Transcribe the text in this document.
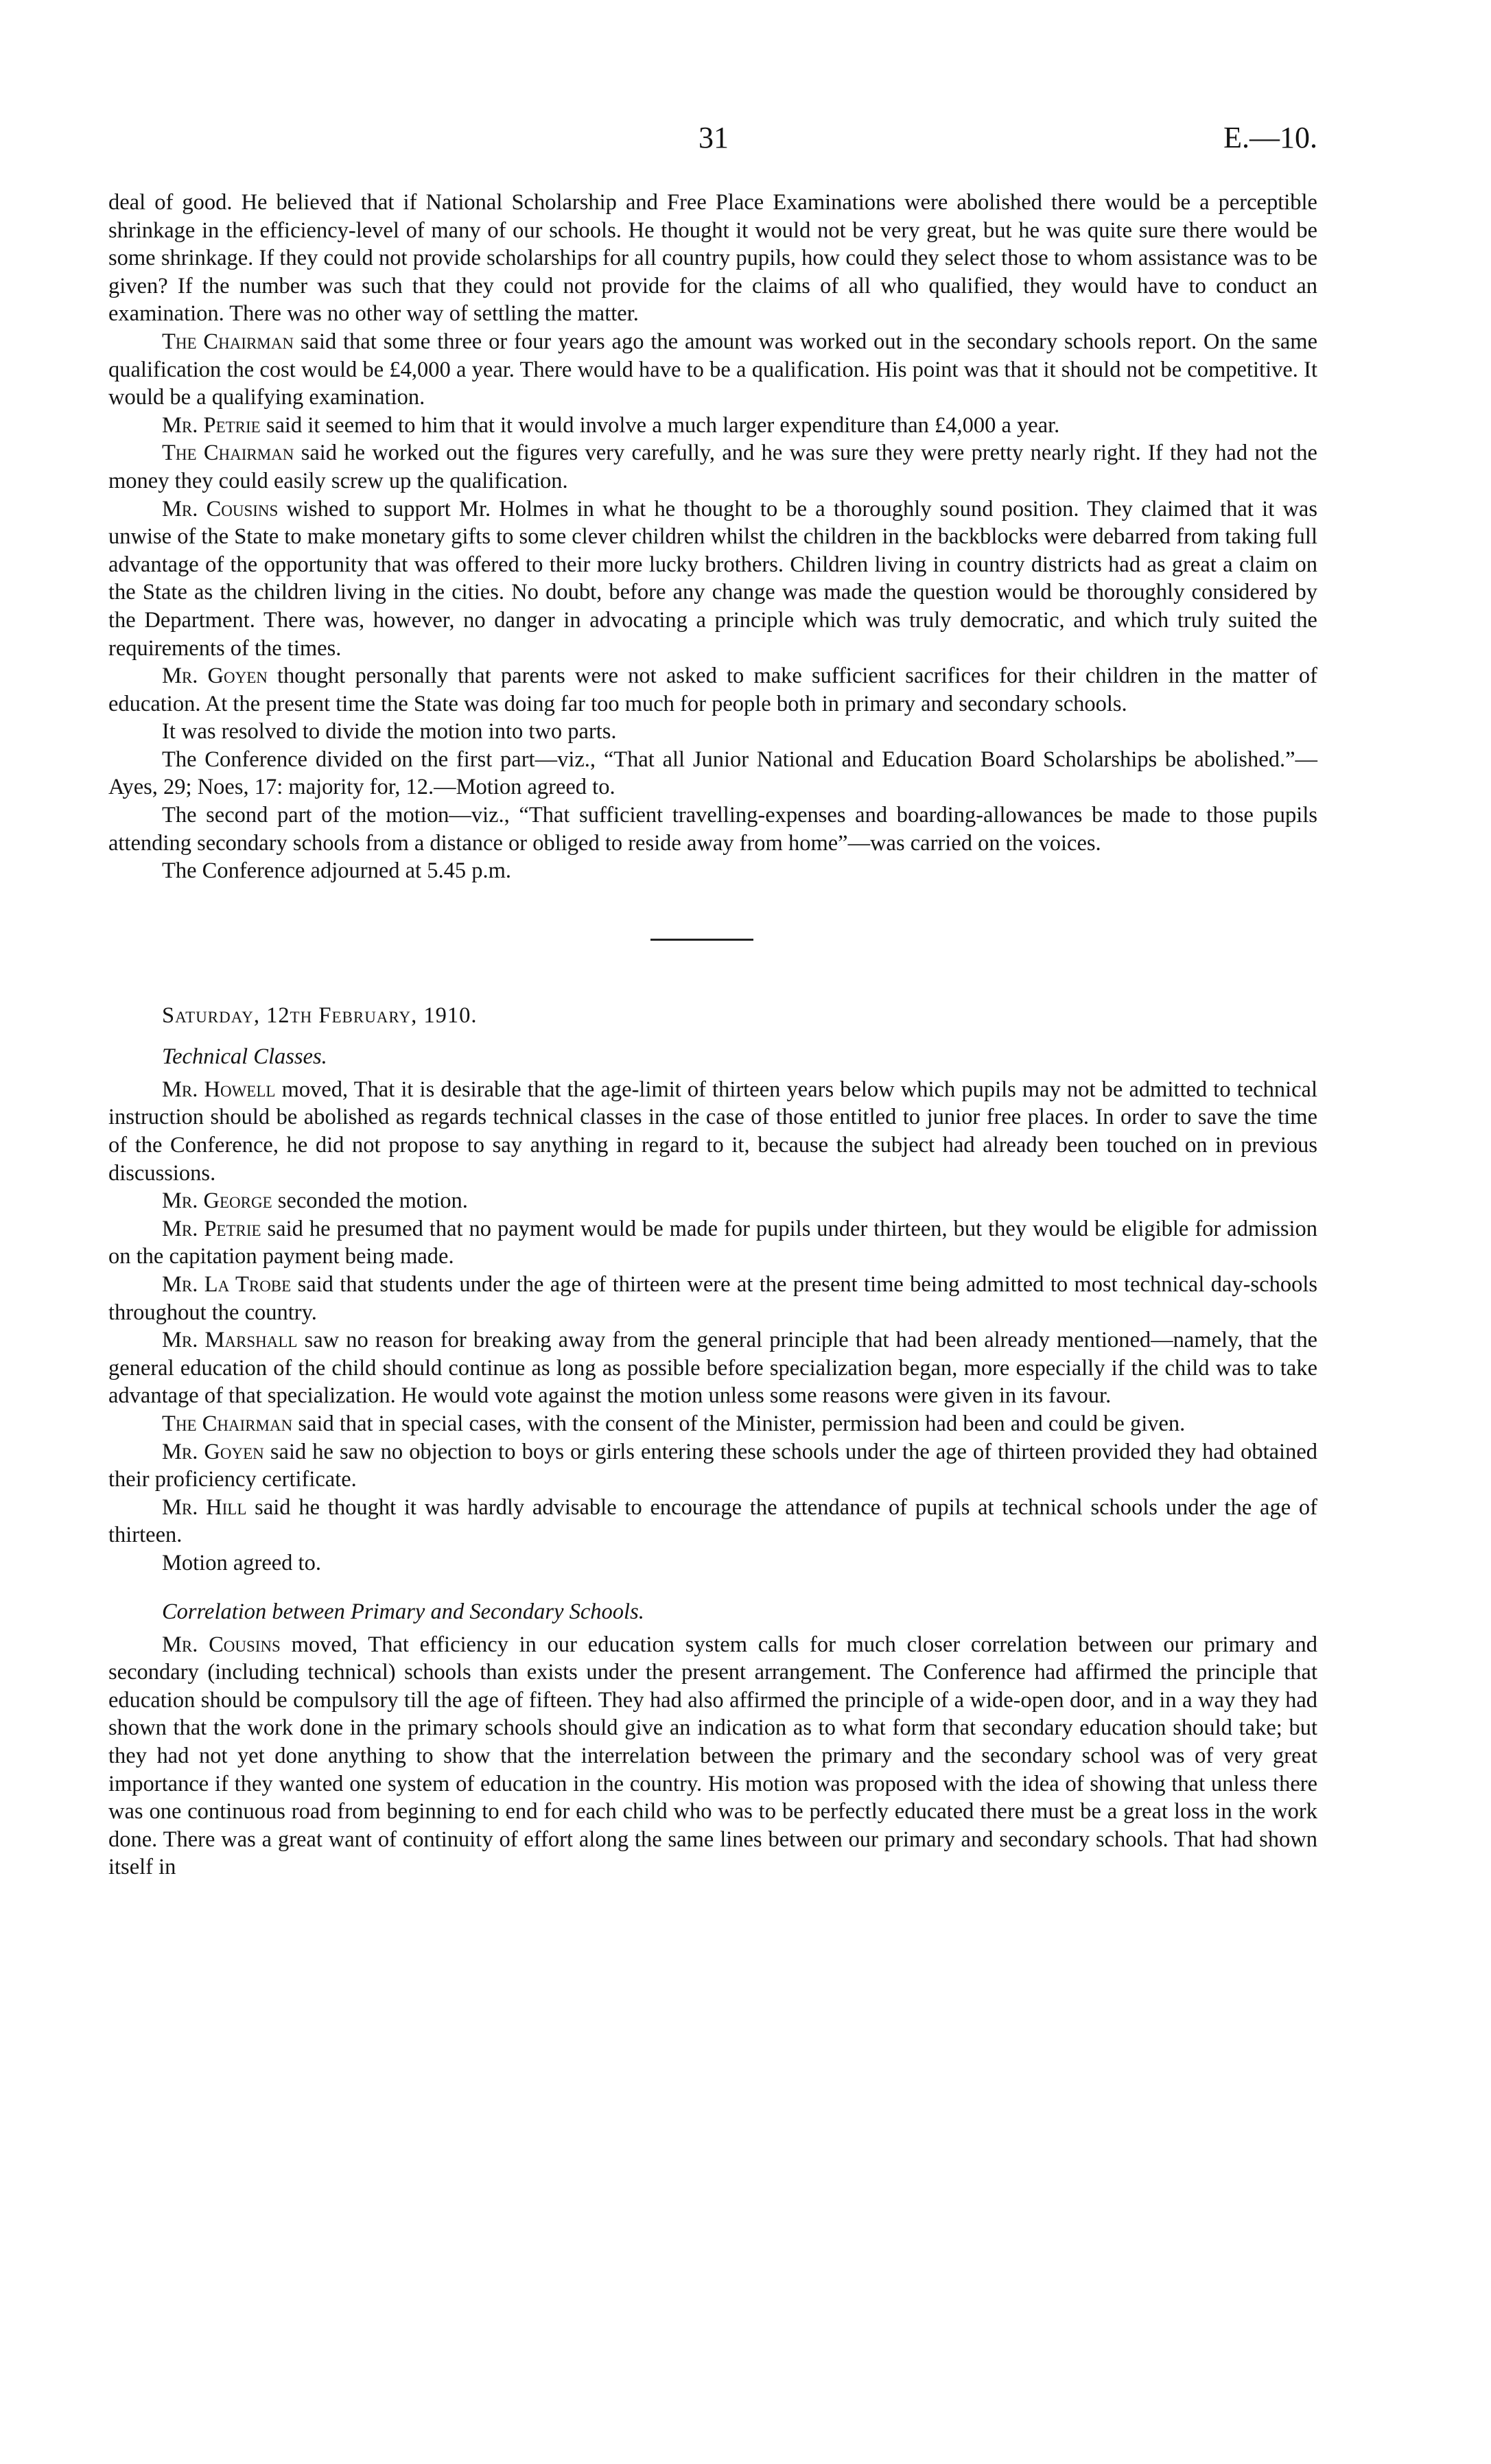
31	E.—10.

deal of good. He believed that if National Scholarship and Free Place Examinations were abolished there would be a perceptible shrinkage in the efficiency-level of many of our schools. He thought it would not be very great, but he was quite sure there would be some shrinkage. If they could not provide scholarships for all country pupils, how could they select those to whom assistance was to be given? If the number was such that they could not provide for the claims of all who qualified, they would have to conduct an examination. There was no other way of settling the matter.

The Chairman said that some three or four years ago the amount was worked out in the secondary schools report. On the same qualification the cost would be £4,000 a year. There would have to be a qualification. His point was that it should not be competitive. It would be a qualifying examination.

Mr. Petrie said it seemed to him that it would involve a much larger expenditure than £4,000 a year.

The Chairman said he worked out the figures very carefully, and he was sure they were pretty nearly right. If they had not the money they could easily screw up the qualification.

Mr. Cousins wished to support Mr. Holmes in what he thought to be a thoroughly sound position. They claimed that it was unwise of the State to make monetary gifts to some clever children whilst the children in the backblocks were debarred from taking full advantage of the opportunity that was offered to their more lucky brothers. Children living in country districts had as great a claim on the State as the children living in the cities. No doubt, before any change was made the question would be thoroughly considered by the Department. There was, however, no danger in advocating a principle which was truly democratic, and which truly suited the requirements of the times.

Mr. Goyen thought personally that parents were not asked to make sufficient sacrifices for their children in the matter of education. At the present time the State was doing far too much for people both in primary and secondary schools.

It was resolved to divide the motion into two parts.

The Conference divided on the first part—viz., “That all Junior National and Education Board Scholarships be abolished.”—Ayes, 29; Noes, 17: majority for, 12.—Motion agreed to.

The second part of the motion—viz., “That sufficient travelling-expenses and boarding-allowances be made to those pupils attending secondary schools from a distance or obliged to reside away from home”—was carried on the voices.

The Conference adjourned at 5.45 p.m.

Saturday, 12th February, 1910.

Technical Classes.

Mr. Howell moved, That it is desirable that the age-limit of thirteen years below which pupils may not be admitted to technical instruction should be abolished as regards technical classes in the case of those entitled to junior free places. In order to save the time of the Conference, he did not propose to say anything in regard to it, because the subject had already been touched on in previous discussions.

Mr. George seconded the motion.

Mr. Petrie said he presumed that no payment would be made for pupils under thirteen, but they would be eligible for admission on the capitation payment being made.

Mr. La Trobe said that students under the age of thirteen were at the present time being admitted to most technical day-schools throughout the country.

Mr. Marshall saw no reason for breaking away from the general principle that had been already mentioned—namely, that the general education of the child should continue as long as possible before specialization began, more especially if the child was to take advantage of that specialization. He would vote against the motion unless some reasons were given in its favour.

The Chairman said that in special cases, with the consent of the Minister, permission had been and could be given.

Mr. Goyen said he saw no objection to boys or girls entering these schools under the age of thirteen provided they had obtained their proficiency certificate.

Mr. Hill said he thought it was hardly advisable to encourage the attendance of pupils at technical schools under the age of thirteen.

Motion agreed to.

Correlation between Primary and Secondary Schools.

Mr. Cousins moved, That efficiency in our education system calls for much closer correlation between our primary and secondary (including technical) schools than exists under the present arrangement. The Conference had affirmed the principle that education should be compulsory till the age of fifteen. They had also affirmed the principle of a wide-open door, and in a way they had shown that the work done in the primary schools should give an indication as to what form that secondary education should take; but they had not yet done anything to show that the interrelation between the primary and the secondary school was of very great importance if they wanted one system of education in the country. His motion was proposed with the idea of showing that unless there was one continuous road from beginning to end for each child who was to be perfectly educated there must be a great loss in the work done. There was a great want of continuity of effort along the same lines between our primary and secondary schools. That had shown itself in
